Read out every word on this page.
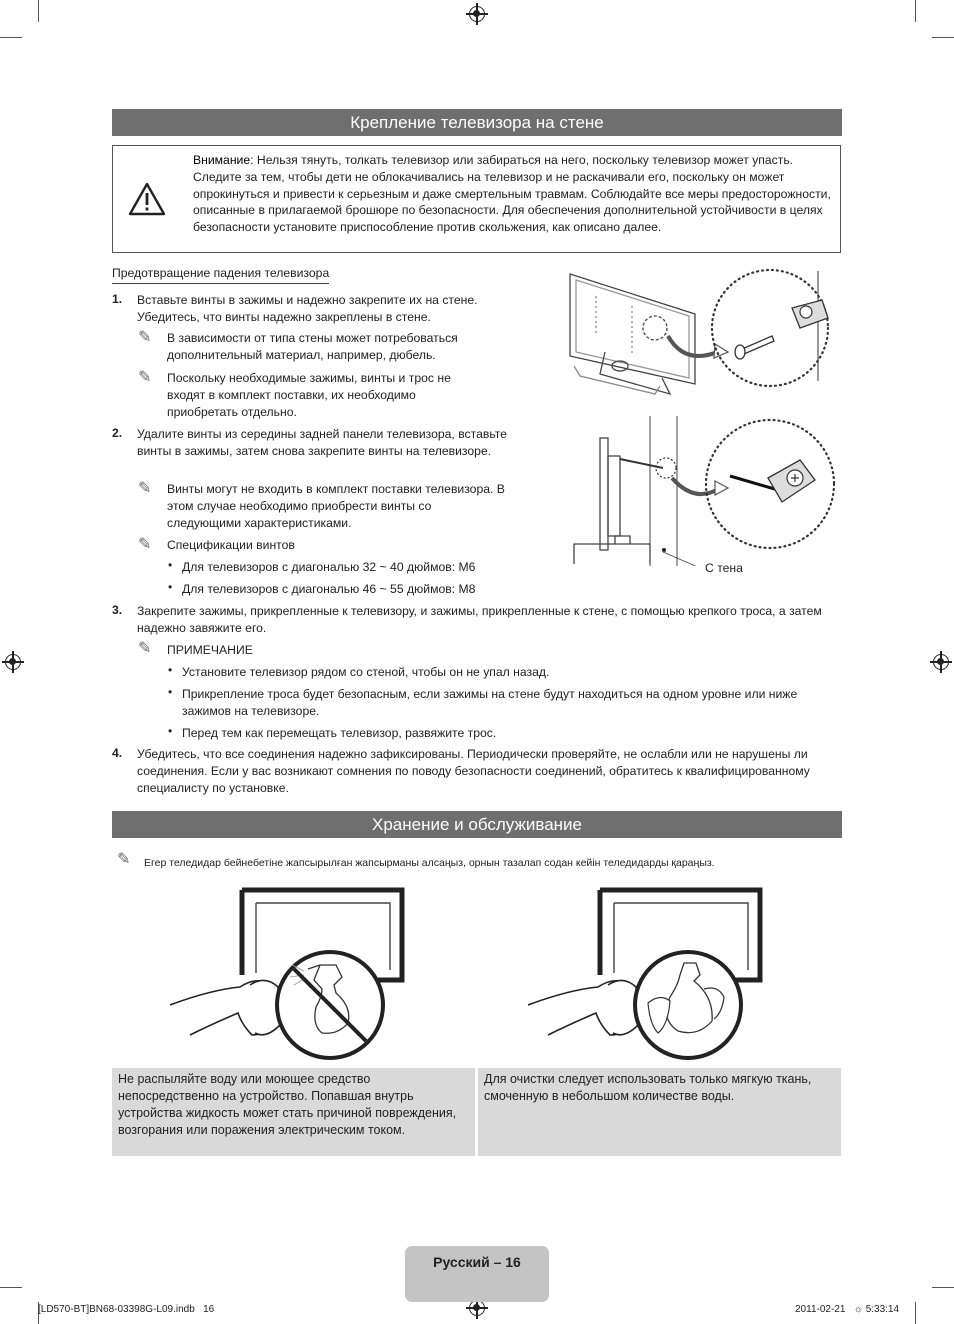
Крепление телевизора на стене
Внимание: Нельзя тянуть, толкать телевизор или забираться на него, поскольку телевизор может упасть. Следите за тем, чтобы дети не облокачивались на телевизор и не раскачивали его, поскольку он может опрокинуться и привести к серьезным и даже смертельным травмам. Соблюдайте все меры предосторожности, описанные в прилагаемой брошюре по безопасности. Для обеспечения дополнительной устойчивости в целях безопасности установите приспособление против скольжения, как описано далее.
Предотвращение падения телевизора
1. Вставьте винты в зажимы и надежно закрепите их на стене. Убедитесь, что винты надежно закреплены в стене.
✎ В зависимости от типа стены может потребоваться дополнительный материал, например, дюбель.
✎ Поскольку необходимые зажимы, винты и трос не входят в комплект поставки, их необходимо приобретать отдельно.
2. Удалите винты из середины задней панели телевизора, вставьте винты в зажимы, затем снова закрепите винты на телевизоре.
✎ Винты могут не входить в комплект поставки телевизора. В этом случае необходимо приобрести винты со следующими характеристиками.
✎ Спецификации винтов
• Для телевизоров с диагональю 32 ~ 40 дюймов: M6
• Для телевизоров с диагональю 46 ~ 55 дюймов: M8
С тена
3. Закрепите зажимы, прикрепленные к телевизору, и зажимы, прикрепленные к стене, с помощью крепкого троса, а затем надежно завяжите его.
✎ ПРИМЕЧАНИЕ
• Установите телевизор рядом со стеной, чтобы он не упал назад.
• Прикрепление троса будет безопасным, если зажимы на стене будут находиться на одном уровне или ниже зажимов на телевизоре.
• Перед тем как перемещать телевизор, развяжите трос.
4. Убедитесь, что все соединения надежно зафиксированы. Периодически проверяйте, не ослабли или не нарушены ли соединения. Если у вас возникают сомнения по поводу безопасности соединений, обратитесь к квалифицированному специалисту по установке.
Хранение и обслуживание
✎ Егер теледидар бейнебетіне жапсырылған жапсырманы алсаңыз, орнын тазалап содан кейін теледидарды қараңыз.
Не распыляйте воду или моющее средство непосредственно на устройство. Попавшая внутрь устройства жидкость может стать причиной повреждения, возгорания или поражения электрическим током.
Для очистки следует использовать только мягкую ткань, смоченную в небольшом количестве воды.
Русский – 16
[LD570-BT]BN68-03398G-L09.indb   16	2011-02-21   ☼ 5:33:14
